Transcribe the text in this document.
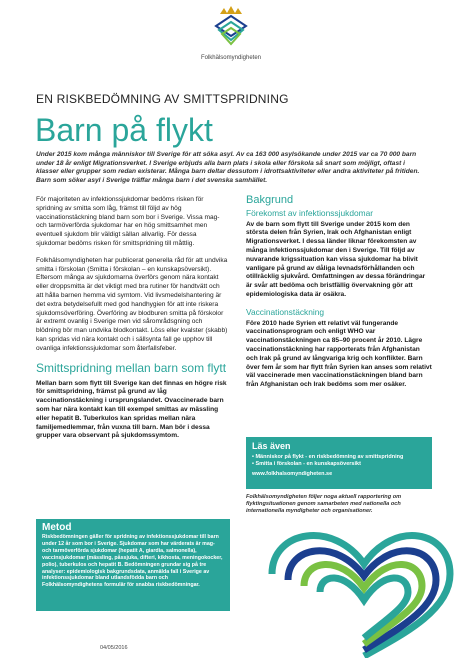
Folkhälsomyndigheten
EN RISKBEDÖMNING AV SMITTSPRIDNING
Barn på flykt
Under 2015 kom många människor till Sverige för att söka asyl. Av ca 163 000 asylsökande under 2015 var ca 70 000 barn under 18 år enligt Migrationsverket. I Sverige erbjuds alla barn plats i skola eller förskola så snart som möjligt, oftast i klasser eller grupper som redan existerar. Många barn deltar dessutom i idrottsaktiviteter eller andra aktiviteter på fritiden. Barn som söker asyl i Sverige träffar många barn i det svenska samhället.

För majoriteten av infektionssjukdomar bedöms risken för spridning av smitta som låg, främst till följd av hög vaccinationstäckning bland barn som bor i Sverige. Vissa mag- och tarmöverförda sjukdomar har en hög smittsamhet men eventuell sjukdom blir väldigt sällan allvarlig. För dessa sjukdomar bedöms risken för smittspridning till måttlig.

Folkhälsomyndigheten har publicerat generella råd för att undvika smitta i förskolan (Smitta i förskolan – en kunskapsöversikt). Eftersom många av sjukdomarna överförs genom nära kontakt eller droppsmitta är det viktigt med bra rutiner för handtvätt och att hålla barnen hemma vid symtom. Vid livsmedelshantering är det extra betydelsefullt med god handhygien för att inte riskera sjukdomsöverföring. Överföring av blodburen smitta på förskolor är extremt ovanlig i Sverige men vid sårområdsgning och blödning bör man undvika blodkontakt. Löss eller kvalster (skabb) kan spridas vid nära kontakt och i sällsynta fall ge upphov till ovanliga infektionssjukdomar som återfallsfeber.

Smittspridning mellan barn som flytt

Mellan barn som flytt till Sverige kan det finnas en högre risk för smittspridning, främst på grund av låg vaccinationstäckning i ursprungslandet. Ovaccinerade barn som har nära kontakt kan till exempel smittas av mässling eller hepatit B. Tuberkulos kan spridas mellan nära familjemedlemmar, från vuxna till barn. Man bör i dessa grupper vara observant på sjukdomssymtom.

Metod
Riskbedömningen gäller för spridning av infektionssjukdomar till barn under 12 år som bor i Sverige. Sjukdomar som har värderats är mag- och tarmöverförda sjukdomar (hepatit A, giardia, salmonella), vaccinsjukdomar (mässling, påssjuka, difteri, kikhosta, meningokocker, polio), tuberkulos och hepatit B. Bedömningen grundar sig på tre analyser: epidemiologisk bakgrundsdata, anmälda fall i Sverige av infektionssjukdomar bland utlandsfödda barn och Folkhälsomyndighetens formulär för snabba riskbedömningar.
Bakgrund
Förekomst av infektionssjukdomar

Av de barn som flytt till Sverige under 2015 kom den största delen från Syrien, Irak och Afghanistan enligt Migrationsverket. I dessa länder liknar förekomsten av många infektionssjukdomar den i Sverige. Till följd av nuvarande krigssituation kan vissa sjukdomar ha blivit vanligare på grund av dåliga levnadsförhållanden och otillräcklig sjukvård. Omfattningen av dessa förändringar är svår att bedöma och bristfällig övervakning gör att epidemiologiska data är osäkra.

Vaccinationstäckning

Före 2010 hade Syrien ett relativt väl fungerande vaccinationsprogram och enligt WHO var vaccinationstäckningen ca 85–90 procent år 2010. Lägre vaccinationstäckning har rapporterats från Afghanistan och Irak på grund av långvariga krig och konflikter. Barn över fem år som har flytt från Syrien kan anses som relativt väl vaccinerade men vaccinationstäckningen bland barn från Afghanistan och Irak bedöms som mer osäker.

Läs även
• Människor på flykt - en riskbedömning av smittspridning
• Smitta i förskolan - en kunskapsöversikt
www.folkhalsomyndigheten.se
Folkhälsomyndigheten följer noga aktuell rapportering om flyktingsituationen genom samarbeten med nationella och internationella myndigheter och organisationer.
04/05/2016
